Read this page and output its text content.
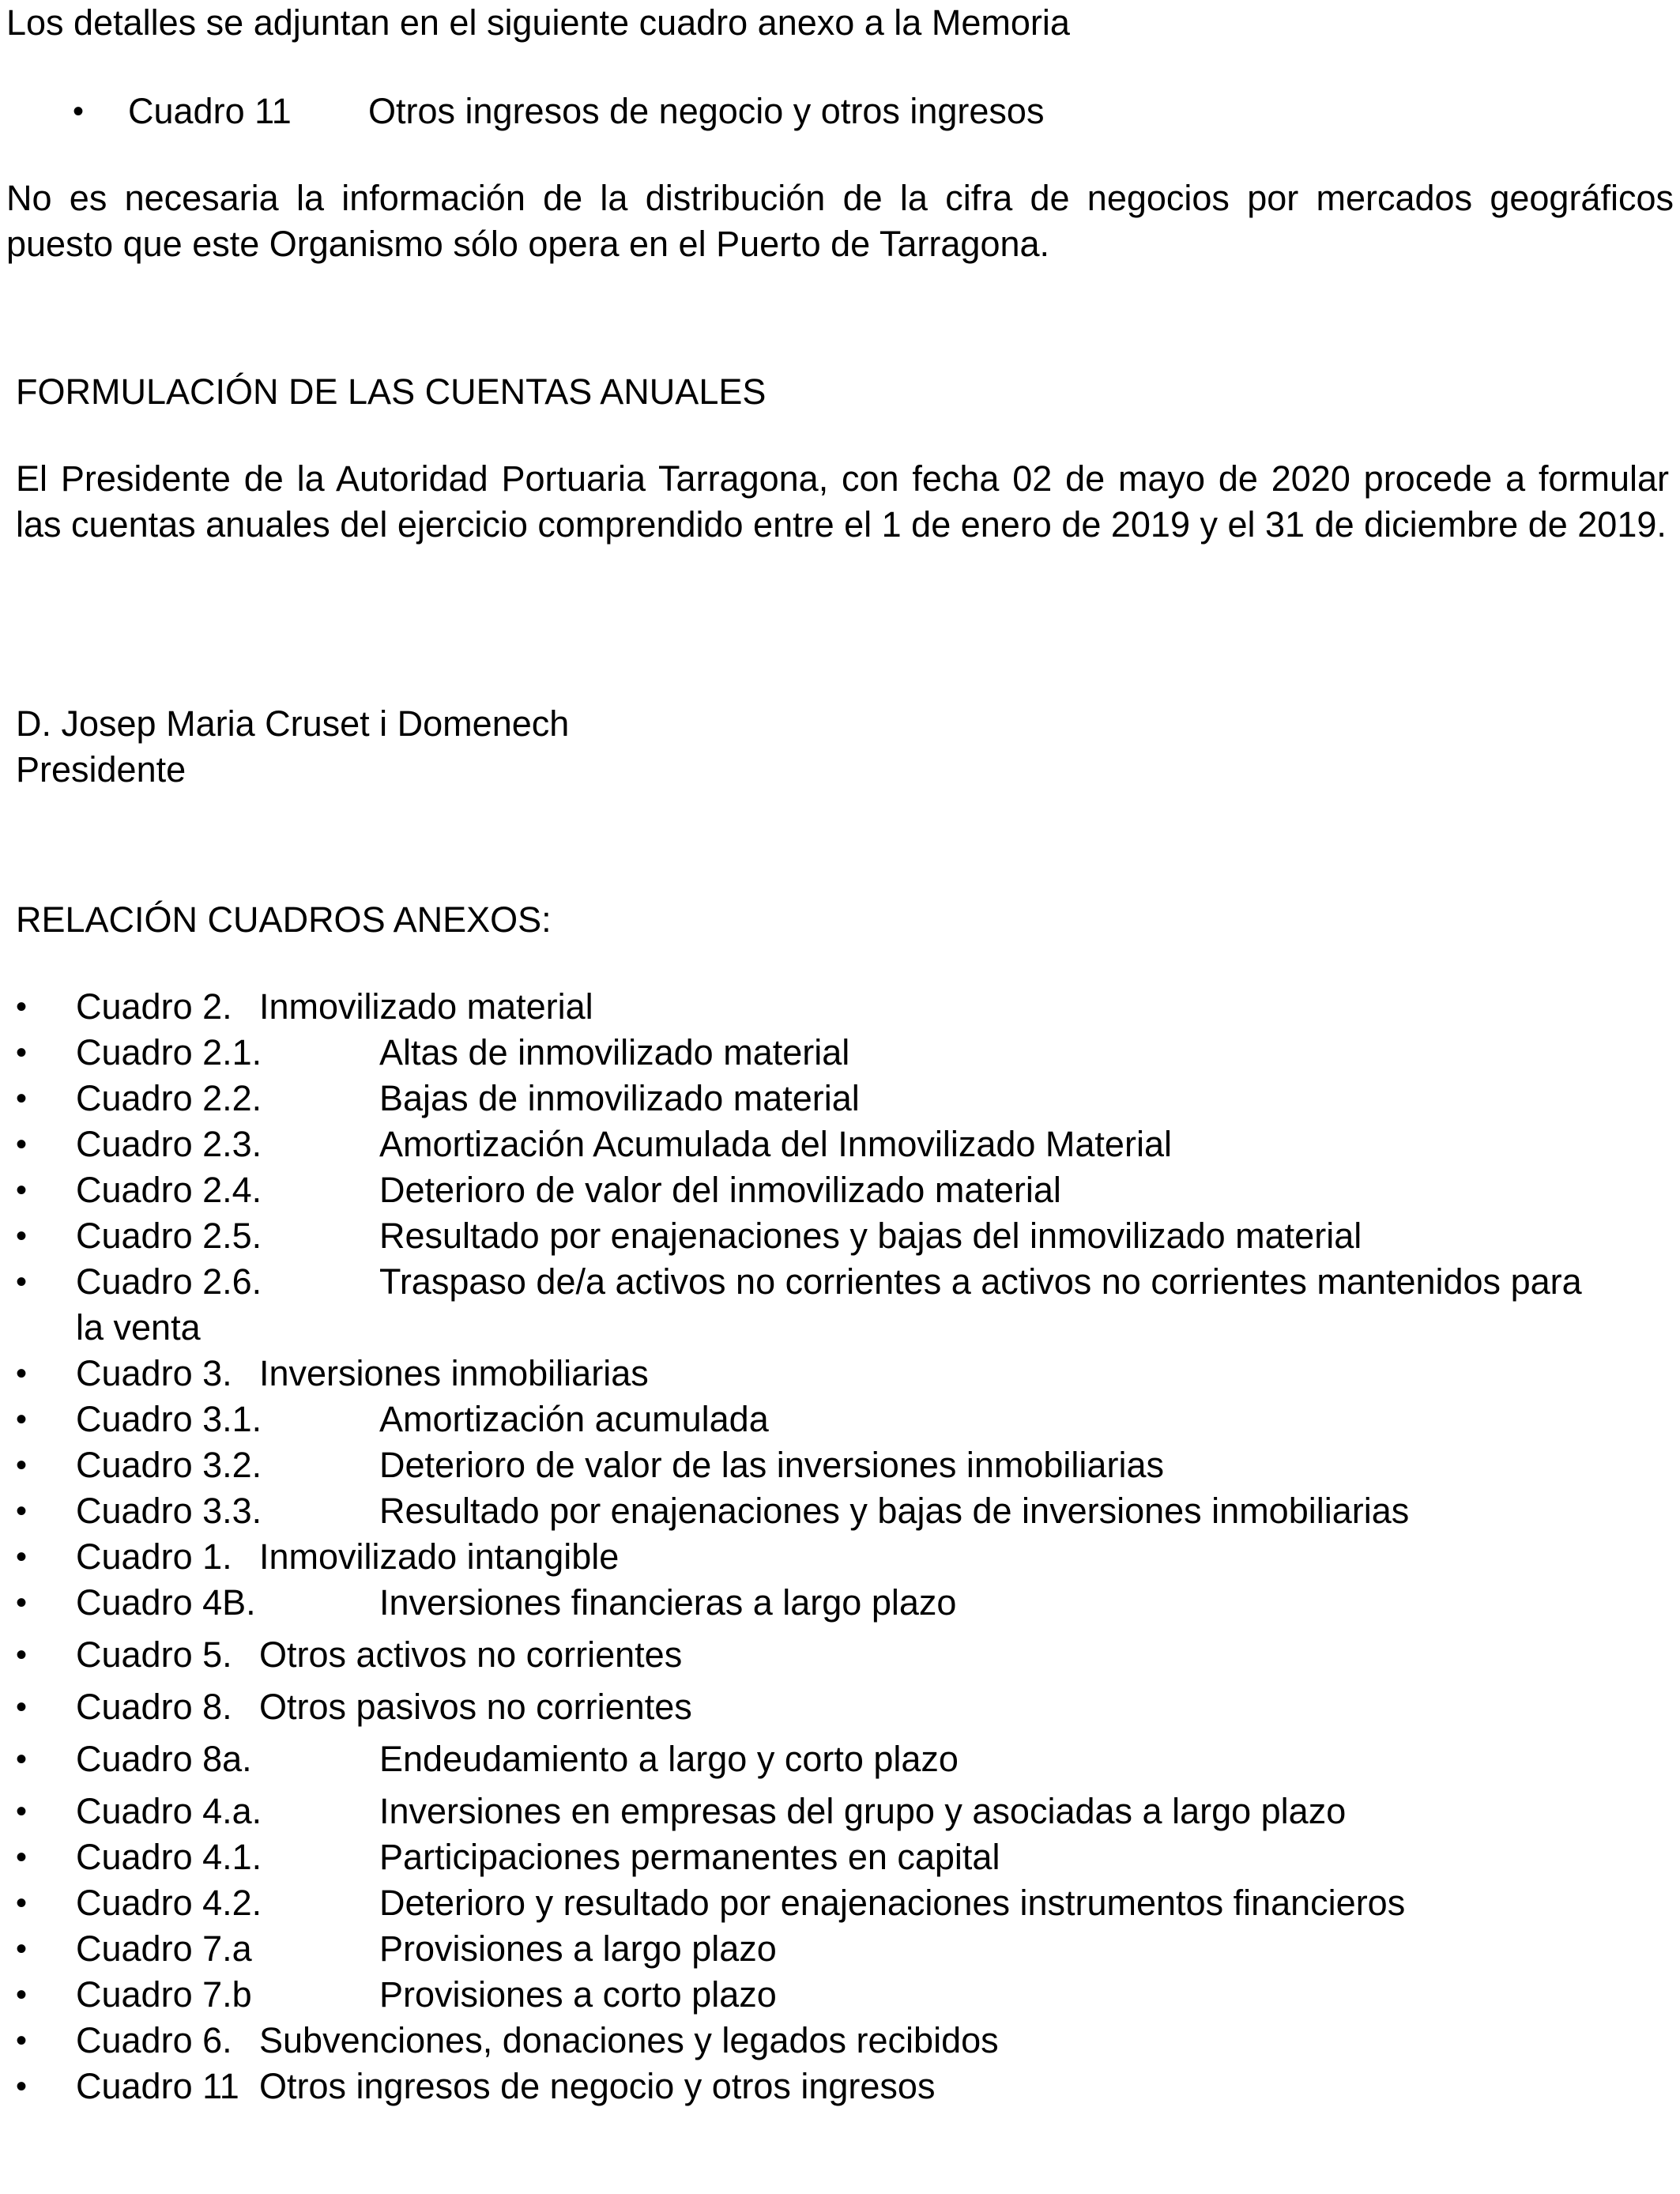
Los detalles se adjuntan en el siguiente cuadro anexo a la Memoria

• Cuadro 11 Otros ingresos de negocio y otros ingresos

No es necesaria la información de la distribución de la cifra de negocios por mercados geográficos puesto que este Organismo sólo opera en el Puerto de Tarragona.

FORMULACIÓN DE LAS CUENTAS ANUALES

El Presidente de la Autoridad Portuaria Tarragona, con fecha 02 de mayo de 2020 procede a formular las cuentas anuales del ejercicio comprendido entre el 1 de enero de 2019 y el 31 de diciembre de 2019.

D. Josep Maria Cruset i Domenech

Presidente

RELACIÓN CUADROS ANEXOS:

• Cuadro 2. Inmovilizado material
• Cuadro 2.1.	Altas de inmovilizado material
• Cuadro 2.2.	Bajas de inmovilizado material
• Cuadro 2.3.	Amortización Acumulada del Inmovilizado Material
• Cuadro 2.4.	Deterioro de valor del inmovilizado material
• Cuadro 2.5.	Resultado por enajenaciones y bajas del inmovilizado material
• Cuadro 2.6.	Traspaso de/a activos no corrientes a activos no corrientes mantenidos para
la venta
• Cuadro 3. Inversiones inmobiliarias
• Cuadro 3.1.	Amortización acumulada
• Cuadro 3.2.	Deterioro de valor de las inversiones inmobiliarias
• Cuadro 3.3.	Resultado por enajenaciones y bajas de inversiones inmobiliarias
• Cuadro 1. Inmovilizado intangible
• Cuadro 4B.	Inversiones financieras a largo plazo
• Cuadro 5. Otros activos no corrientes
• Cuadro 8. Otros pasivos no corrientes
• Cuadro 8a.	Endeudamiento a largo y corto plazo
• Cuadro 4.a.	Inversiones en empresas del grupo y asociadas a largo plazo
• Cuadro 4.1.	Participaciones permanentes en capital
• Cuadro 4.2.	Deterioro y resultado por enajenaciones instrumentos financieros
• Cuadro 7.a	Provisiones a largo plazo
• Cuadro 7.b	Provisiones a corto plazo
• Cuadro 6. Subvenciones, donaciones y legados recibidos
• Cuadro 11 Otros ingresos de negocio y otros ingresos
